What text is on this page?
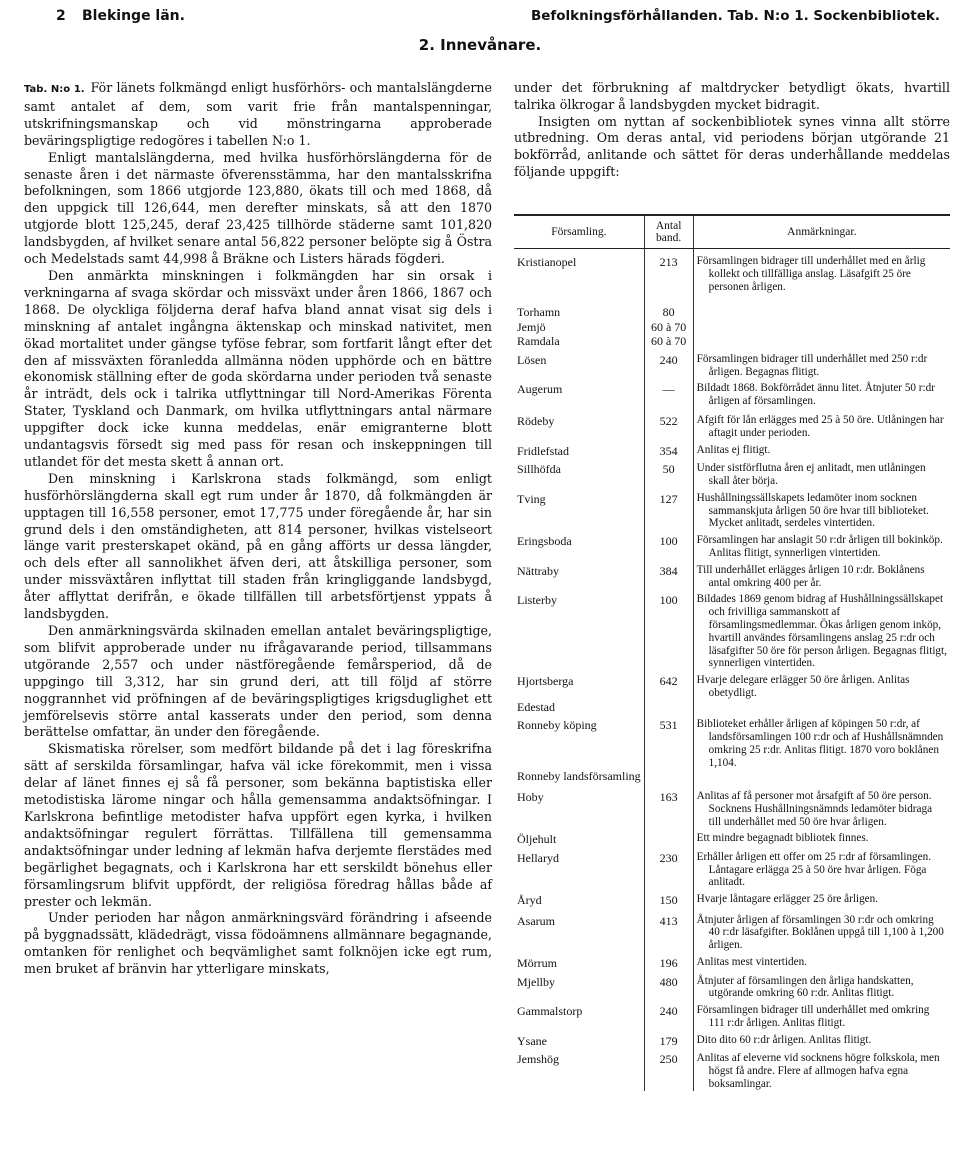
2 Blekinge län.	Befolkningsförhållanden. Tab. N:o 1. Sockenbibliotek.
2. Innevånare.

Tab. N:o 1. För länets folkmängd enligt husförhörs- och mantalslängderne samt antalet af dem, som varit frie från mantalspenningar, utskrifningsmanskap och vid mönstringarna approberade beväringspligtige redogöres i tabellen N:o 1.

Enligt mantalslängderna, med hvilka husförhörslängderna för de senaste åren i det närmaste öfverensstämma, har den mantalsskrifna befolkningen, som 1866 utgjorde 123,880, ökats till och med 1868, då den uppgick till 126,644, men derefter minskats, så att den 1870 utgjorde blott 125,245, deraf 23,425 tillhörde städerne samt 101,820 landsbygden, af hvilket senare antal 56,822 personer belöpte sig å Östra och Medelstads samt 44,998 å Bräkne och Listers härads fögderi.

Den anmärkta minskningen i folkmängden har sin orsak i verkningarna af svaga skördar och missväxt under åren 1866, 1867 och 1868. De olyckliga följderna deraf hafva bland annat visat sig dels i minskning af antalet ingångna äktenskap och minskad nativitet, men ökad mortalitet under gängse tyföse febrar, som fortfarit långt efter det den af missväxten föranledda allmänna nöden upphörde och en bättre ekonomisk ställning efter de goda skördarna under perioden två senaste år inträdt, dels ock i talrika utflyttningar till Nord-Amerikas Förenta Stater, Tyskland och Danmark, om hvilka utflyttningars antal närmare uppgifter dock icke kunna meddelas, enär emigranterne blott undantagsvis försedt sig med pass för resan och inskeppningen till utlandet för det mesta skett å annan ort.

Den minskning i Karlskrona stads folkmängd, som enligt husförhörslängderna skall egt rum under år 1870, då folkmängden är upptagen till 16,558 personer, emot 17,775 under föregående år, har sin grund dels i den omständigheten, att 814 personer, hvilkas vistelseort länge varit presterskapet okänd, på en gång afförts ur dessa längder, och dels efter all sannolikhet äfven deri, att åtskilliga personer, som under missväxtåren inflyttat till staden från kringliggande landsbygd, åter afflyttat derifrån, e ökade tillfällen till arbetsförtjenst yppats å landsbygden.

Den anmärkningsvärda skilnaden emellan antalet beväringspligtige, som blifvit approberade under nu ifrågavarande period, tillsammans utgörande 2,557 och under nästföregående femårsperiod, då de uppgingo till 3,312, har sin grund deri, att till följd af större noggrannhet vid pröfningen af de beväringspligtiges krigsduglighet ett jemförelsevis större antal kasserats under den period, som denna berättelse omfattar, än under den föregående.

Skismatiska rörelser, som medfört bildande på det i lag föreskrifna sätt af serskilda församlingar, hafva väl icke förekommit, men i vissa delar af länet finnes ej så få personer, som bekänna baptistiska eller metodistiska lärome ningar och hålla gemensamma andaktsöfningar. I Karlskrona befintlige metodister hafva uppfört egen kyrka, i hvilken andaktsöfningar regulert förrättas. Tillfällena till gemensamma andaktsöfningar under ledning af lekmän hafva derjemte flerstädes med begärlighet begagnats, och i Karlskrona har ett serskildt bönehus eller församlingsrum blifvit uppfördt, der religiösa föredrag hållas både af prester och lekmän.

Under perioden har någon anmärkningsvärd förändring i afseende på byggnadssätt, klädedrägt, vissa födoämnens allmännare begagnande, omtanken för renlighet och beqvämlighet samt folknöjen icke egt rum, men bruket af bränvin har ytterligare minskats,

under det förbrukning af maltdrycker betydligt ökats, hvartill talrika ölkrogar å landsbygden mycket bidragit.

Insigten om nyttan af sockenbibliotek synes vinna allt större utbredning. Om deras antal, vid periodens början utgörande 21 bokförråd, anlitande och sättet för deras underhållande meddelas följande uppgift:

Församling.	Antal band.	Anmärkningar.
Kristianopel	213	Församlingen bidrager till underhållet med en årlig kollekt och tillfälliga anslag. Läsafgift 25 öre personen årligen.

Torhamn	80	

Jemjö	60 à 70	

Ramdala	60 à 70	

Lösen	240	Församlingen bidrager till underhållet med 250 r:dr årligen. Begagnas flitigt.

Augerum	—	Bildadt 1868. Bokförrådet ännu litet. Åtnjuter 50 r:dr årligen af församlingen.

Rödeby	522	Afgift för lån erlägges med 25 à 50 öre. Utlåningen har aftagit under perioden.

Fridlefstad	354	Anlitas ej flitigt.

Sillhöfda	50	Under sistförflutna åren ej anlitadt, men utlåningen skall åter börja.

Tving	127	Hushållningssällskapets ledamöter inom socknen sammanskjuta årligen 50 öre hvar till biblioteket. Mycket anlitadt, serdeles vintertiden.

Eringsboda	100	Församlingen har anslagit 50 r:dr årligen till bokinköp. Anlitas flitigt, synnerligen vintertiden.

Nättraby	384	Till underhållet erlägges årligen 10 r:dr. Boklånens antal omkring 400 per år.

Listerby	100	Bildades 1869 genom bidrag af Hushållningssällskapet och frivilliga sammanskott af församlingsmedlemmar. Ökas årligen genom inköp, hvartill användes församlingens anslag 25 r:dr och läsafgifter 50 öre för person årligen. Begagnas flitigt, synnerligen vintertiden.

Hjortsberga	642	Hvarje delegare erlägger 50 öre årligen. Anlitas obetydligt.

Edestad		

Ronneby köping	531	Biblioteket erhåller årligen af köpingen 50 r:dr, af landsförsamlingen 100 r:dr och af Hushållsnämnden omkring 25 r:dr. Anlitas flitigt. 1870 voro boklånen 1,104.

Ronneby landsförsamling		

Hoby	163	Anlitas af få personer mot årsafgift af 50 öre person. Socknens Hushållningsnämnds ledamöter bidraga till underhållet med 50 öre hvar årligen.

Öljehult		Ett mindre begagnadt bibliotek finnes.

Hellaryd	230	Erhåller årligen ett offer om 25 r:dr af församlingen. Låntagare erlägga 25 à 50 öre hvar årligen. Föga anlitadt.

Åryd	150	Hvarje låntagare erlägger 25 öre årligen.

Asarum	413	Åtnjuter årligen af församlingen 30 r:dr och omkring 40 r:dr läsafgifter. Boklånen uppgå till 1,100 à 1,200 årligen.

Mörrum	196	Anlitas mest vintertiden.

Mjellby	480	Åtnjuter af församlingen den årliga handskatten, utgörande omkring 60 r:dr. Anlitas flitigt.

Gammalstorp	240	Församlingen bidrager till underhållet med omkring 111 r:dr årligen. Anlitas flitigt.

Ysane	179	Dito dito 60 r:dr årligen. Anlitas flitigt.

Jemshög	250	Anlitas af eleverne vid socknens högre folkskola, men högst få andre. Flere af allmogen hafva egna boksamlingar.
